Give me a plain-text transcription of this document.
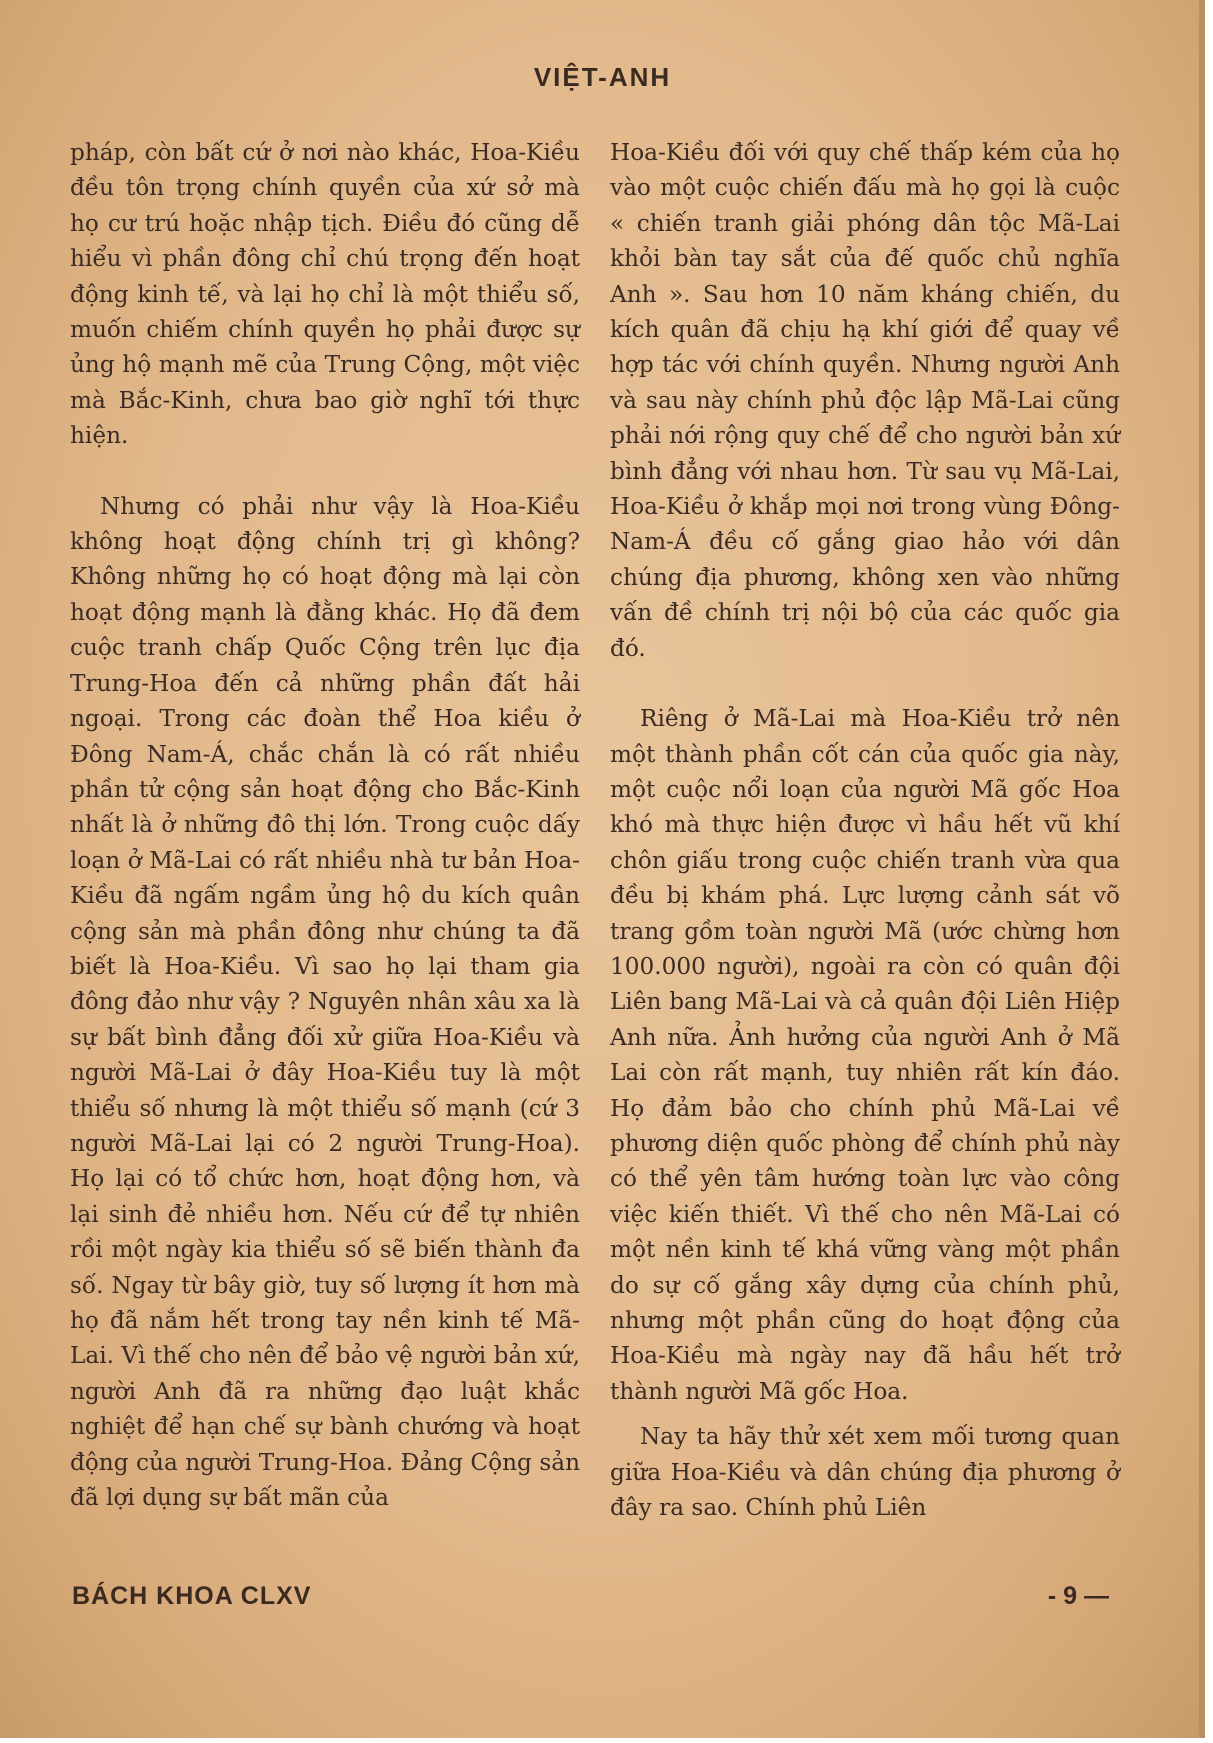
VIỆT-ANH

pháp, còn bất cứ ở nơi nào khác, Hoa-Kiều đều tôn trọng chính quyền của xứ sở mà họ cư trú hoặc nhập tịch. Điều đó cũng dễ hiểu vì phần đông chỉ chú trọng đến hoạt động kinh tế, và lại họ chỉ là một thiểu số, muốn chiếm chính quyền họ phải được sự ủng hộ mạnh mẽ của Trung Cộng, một việc mà Bắc-Kinh, chưa bao giờ nghĩ tới thực hiện.

Nhưng có phải như vậy là Hoa-Kiều không hoạt động chính trị gì không? Không những họ có hoạt động mà lại còn hoạt động mạnh là đằng khác. Họ đã đem cuộc tranh chấp Quốc Cộng trên lục địa Trung-Hoa đến cả những phần đất hải ngoại. Trong các đoàn thể Hoa kiều ở Đông Nam-Á, chắc chắn là có rất nhiều phần tử cộng sản hoạt động cho Bắc-Kinh nhất là ở những đô thị lớn. Trong cuộc dấy loạn ở Mã-Lai có rất nhiều nhà tư bản Hoa-Kiều đã ngấm ngầm ủng hộ du kích quân cộng sản mà phần đông như chúng ta đã biết là Hoa-Kiều. Vì sao họ lại tham gia đông đảo như vậy ? Nguyên nhân xâu xa là sự bất bình đẳng đối xử giữa Hoa-Kiều và người Mã-Lai ở đây Hoa-Kiều tuy là một thiểu số nhưng là một thiểu số mạnh (cứ 3 người Mã-Lai lại có 2 người Trung-Hoa). Họ lại có tổ chức hơn, hoạt động hơn, và lại sinh đẻ nhiều hơn. Nếu cứ để tự nhiên rồi một ngày kia thiểu số sẽ biến thành đa số. Ngay từ bây giờ, tuy số lượng ít hơn mà họ đã nắm hết trong tay nền kinh tế Mã-Lai. Vì thế cho nên để bảo vệ người bản xứ, người Anh đã ra những đạo luật khắc nghiệt để hạn chế sự bành chướng và hoạt động của người Trung-Hoa. Đảng Cộng sản đã lợi dụng sự bất mãn của

Hoa-Kiều đối với quy chế thấp kém của họ vào một cuộc chiến đấu mà họ gọi là cuộc « chiến tranh giải phóng dân tộc Mã-Lai khỏi bàn tay sắt của đế quốc chủ nghĩa Anh ». Sau hơn 10 năm kháng chiến, du kích quân đã chịu hạ khí giới để quay về hợp tác với chính quyền. Nhưng người Anh và sau này chính phủ độc lập Mã-Lai cũng phải nới rộng quy chế để cho người bản xứ bình đẳng với nhau hơn. Từ sau vụ Mã-Lai, Hoa-Kiều ở khắp mọi nơi trong vùng Đông-Nam-Á đều cố gắng giao hảo với dân chúng địa phương, không xen vào những vấn đề chính trị nội bộ của các quốc gia đó.

Riêng ở Mã-Lai mà Hoa-Kiều trở nên một thành phần cốt cán của quốc gia này, một cuộc nổi loạn của người Mã gốc Hoa khó mà thực hiện được vì hầu hết vũ khí chôn giấu trong cuộc chiến tranh vừa qua đều bị khám phá. Lực lượng cảnh sát võ trang gồm toàn người Mã (ước chừng hơn 100.000 người), ngoài ra còn có quân đội Liên bang Mã-Lai và cả quân đội Liên Hiệp Anh nữa. Ảnh hưởng của người Anh ở Mã Lai còn rất mạnh, tuy nhiên rất kín đáo. Họ đảm bảo cho chính phủ Mã-Lai về phương diện quốc phòng để chính phủ này có thể yên tâm hướng toàn lực vào công việc kiến thiết. Vì thế cho nên Mã-Lai có một nền kinh tế khá vững vàng một phần do sự cố gắng xây dựng của chính phủ, nhưng một phần cũng do hoạt động của Hoa-Kiều mà ngày nay đã hầu hết trở thành người Mã gốc Hoa.

Nay ta hãy thử xét xem mối tương quan giữa Hoa-Kiều và dân chúng địa phương ở đây ra sao. Chính phủ Liên

BÁCH KHOA CLXV	- 9 —
